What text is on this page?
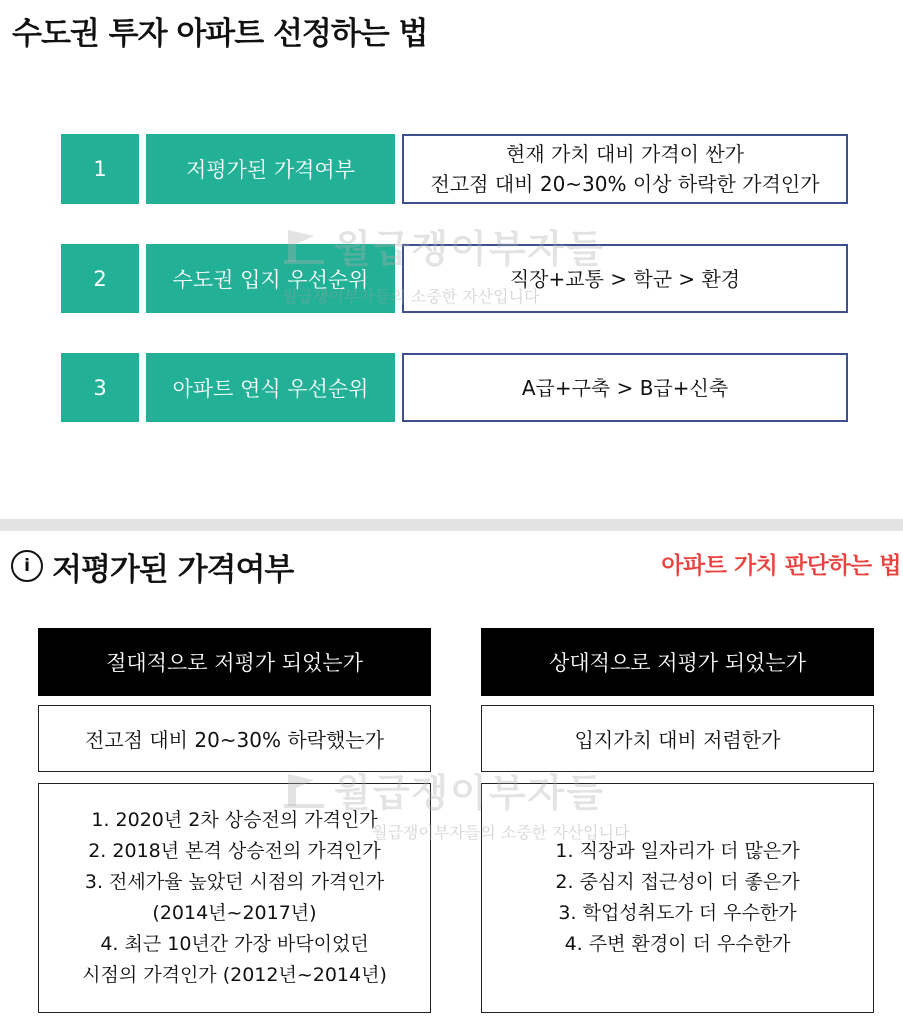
수도권 투자 아파트 선정하는 법
1	저평가된 가격여부
현재 가치 대비 가격이 싼가
전고점 대비 20~30% 이상 하락한 가격인가
2	수도권 입지 우선순위	직장+교통 > 학군 > 환경
3	아파트 연식 우선순위	A급+구축 > B급+신축
월급쟁이부자들
월급쟁이부자들의 소중한 자산입니다
ⅰ 저평가된 가격여부	아파트 가치 판단하는 법
절대적으로 저평가 되었는가
전고점 대비 20~30% 하락했는가
1. 2020년 2차 상승전의 가격인가
2. 2018년 본격 상승전의 가격인가
3. 전세가율 높았던 시점의 가격인가
(2014년~2017년)
4. 최근 10년간 가장 바닥이었던
시점의 가격인가 (2012년~2014년)
상대적으로 저평가 되었는가
입지가치 대비 저렴한가
1. 직장과 일자리가 더 많은가
2. 중심지 접근성이 더 좋은가
3. 학업성취도가 더 우수한가
4. 주변 환경이 더 우수한가
월급쟁이부자들
월급쟁이부자들의 소중한 자산입니다
